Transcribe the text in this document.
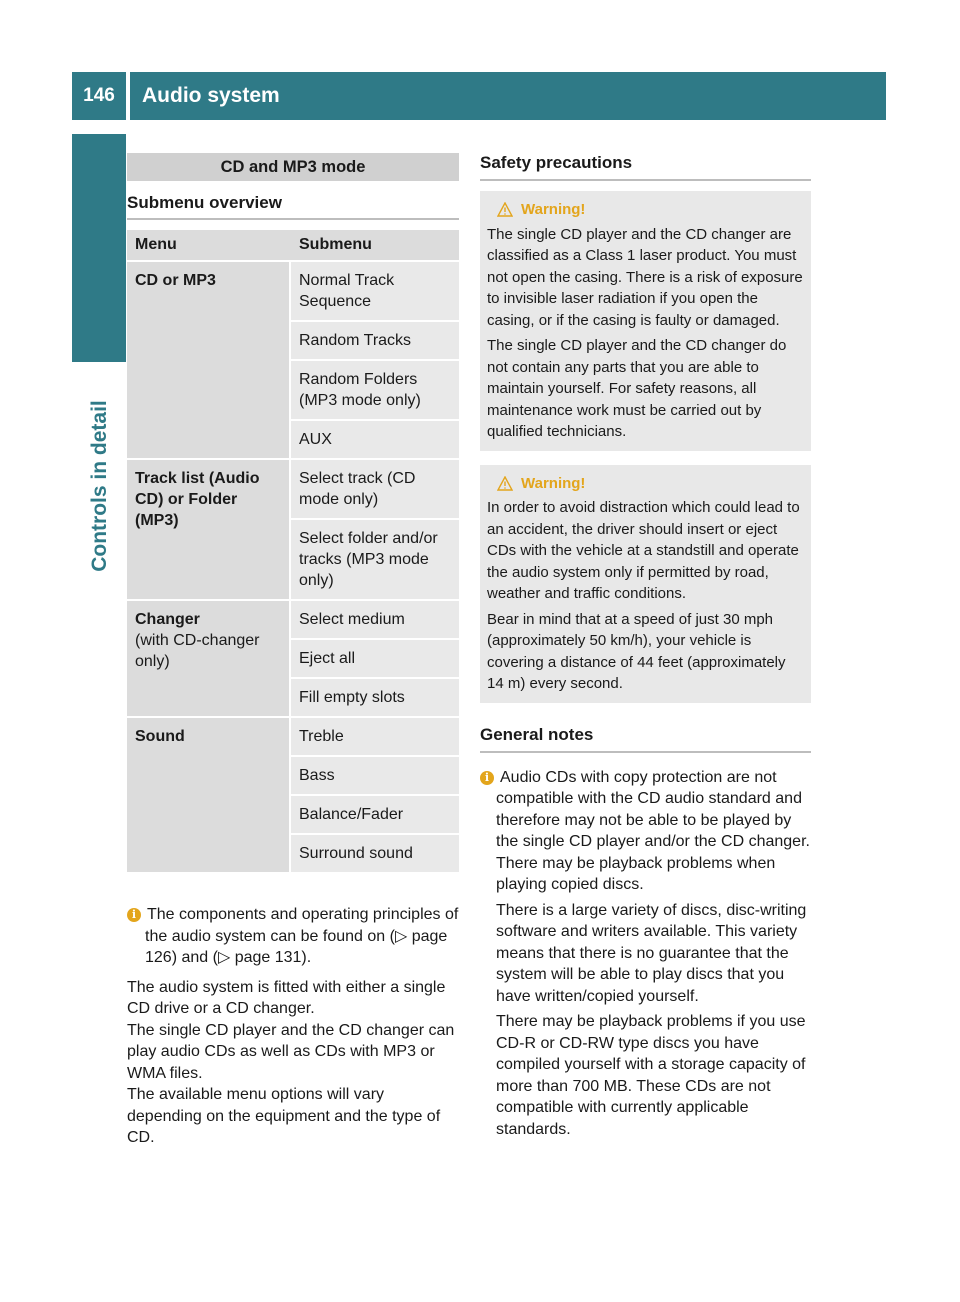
146	Audio system
Controls in detail
CD and MP3 mode
Submenu overview
Menu	Submenu

CD or MP3	Normal Track Sequence
	Random Tracks
	Random Folders (MP3 mode only)
	AUX

Track list (Audio CD) or Folder (MP3)	Select track (CD mode only)
	Select folder and/or tracks (MP3 mode only)

Changer
(with CD-changer only)	Select medium
	Eject all
	Fill empty slots

Sound	Treble
	Bass
	Balance/Fader
	Surround sound
i The components and operating principles of the audio system can be found on (▷ page 126) and (▷ page 131).
The audio system is fitted with either a single CD drive or a CD changer.
The single CD player and the CD changer can play audio CDs as well as CDs with MP3 or WMA files.
The available menu options will vary depending on the equipment and the type of CD.
Safety precautions
Warning!

The single CD player and the CD changer are classified as a Class 1 laser product. You must not open the casing. There is a risk of exposure to invisible laser radiation if you open the casing, or if the casing is faulty or damaged.

The single CD player and the CD changer do not contain any parts that you are able to maintain yourself. For safety reasons, all maintenance work must be carried out by qualified technicians.

Warning!

In order to avoid distraction which could lead to an accident, the driver should insert or eject CDs with the vehicle at a standstill and operate the audio system only if permitted by road, weather and traffic conditions.

Bear in mind that at a speed of just 30 mph (approximately 50 km/h), your vehicle is covering a distance of 44 feet (approximately 14 m) every second.

General notes

i Audio CDs with copy protection are not compatible with the CD audio standard and therefore may not be able to be played by the single CD player and/or the CD changer. There may be playback problems when playing copied discs.

There is a large variety of discs, disc-writing software and writers available. This variety means that there is no guarantee that the system will be able to play discs that you have written/copied yourself.

There may be playback problems if you use CD-R or CD-RW type discs you have compiled yourself with a storage capacity of more than 700 MB. These CDs are not compatible with currently applicable standards.
